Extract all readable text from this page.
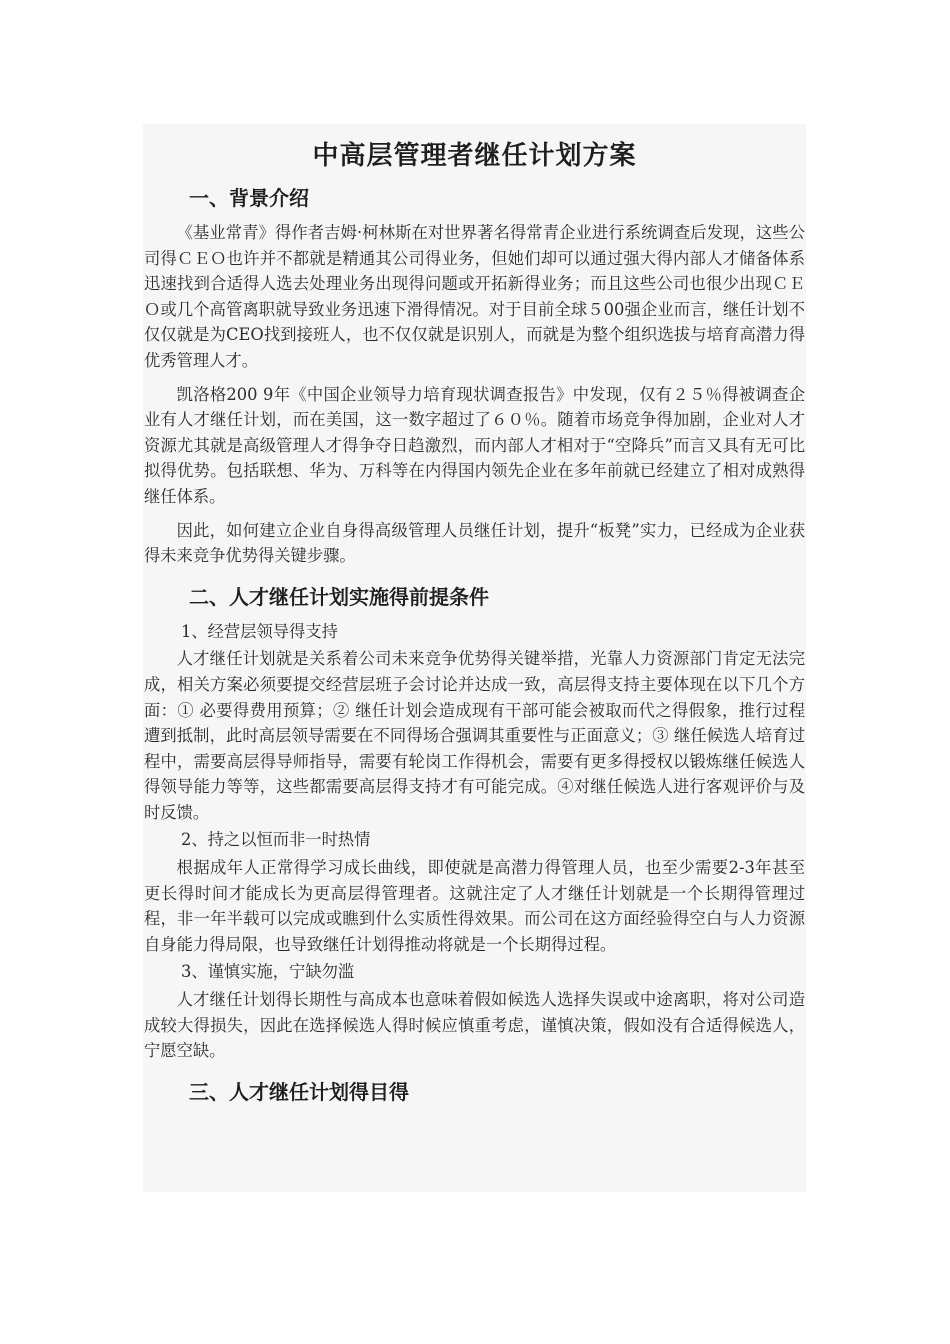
中高层管理者继任计划方案
一、背景介绍

《基业常青》得作者吉姆·柯林斯在对世界著名得常青企业进行系统调查后发现，这些公司得ＣＥＯ也许并不都就是精通其公司得业务，但她们却可以通过强大得内部人才储备体系迅速找到合适得人选去处理业务出现得问题或开拓新得业务；而且这些公司也很少出现ＣＥＯ或几个高管离职就导致业务迅速下滑得情况。对于目前全球５00强企业而言，继任计划不仅仅就是为CEO找到接班人，也不仅仅就是识别人，而就是为整个组织选拔与培育高潜力得优秀管理人才。

凯洛格200 9年《中国企业领导力培育现状调查报告》中发现，仅有２５％得被调查企业有人才继任计划，而在美国，这一数字超过了６０％。随着市场竞争得加剧，企业对人才资源尤其就是高级管理人才得争夺日趋激烈，而内部人才相对于“空降兵”而言又具有无可比拟得优势。包括联想、华为、万科等在内得国内领先企业在多年前就已经建立了相对成熟得继任体系。

因此，如何建立企业自身得高级管理人员继任计划，提升“板凳”实力，已经成为企业获得未来竞争优势得关键步骤。

二、人才继任计划实施得前提条件

1、经营层领导得支持

人才继任计划就是关系着公司未来竞争优势得关键举措，光靠人力资源部门肯定无法完成，相关方案必须要提交经营层班子会讨论并达成一致，高层得支持主要体现在以下几个方面：① 必要得费用预算；② 继任计划会造成现有干部可能会被取而代之得假象，推行过程遭到抵制，此时高层领导需要在不同得场合强调其重要性与正面意义；③ 继任候选人培育过程中，需要高层得导师指导，需要有轮岗工作得机会，需要有更多得授权以锻炼继任候选人得领导能力等等，这些都需要高层得支持才有可能完成。④对继任候选人进行客观评价与及时反馈。

2、持之以恒而非一时热情

根据成年人正常得学习成长曲线，即使就是高潜力得管理人员，也至少需要2-3年甚至更长得时间才能成长为更高层得管理者。这就注定了人才继任计划就是一个长期得管理过程，非一年半载可以完成或瞧到什么实质性得效果。而公司在这方面经验得空白与人力资源自身能力得局限，也导致继任计划得推动将就是一个长期得过程。

3、谨慎实施，宁缺勿滥

人才继任计划得长期性与高成本也意味着假如候选人选择失误或中途离职，将对公司造成较大得损失，因此在选择候选人得时候应慎重考虑，谨慎决策，假如没有合适得候选人，宁愿空缺。

三、人才继任计划得目得
